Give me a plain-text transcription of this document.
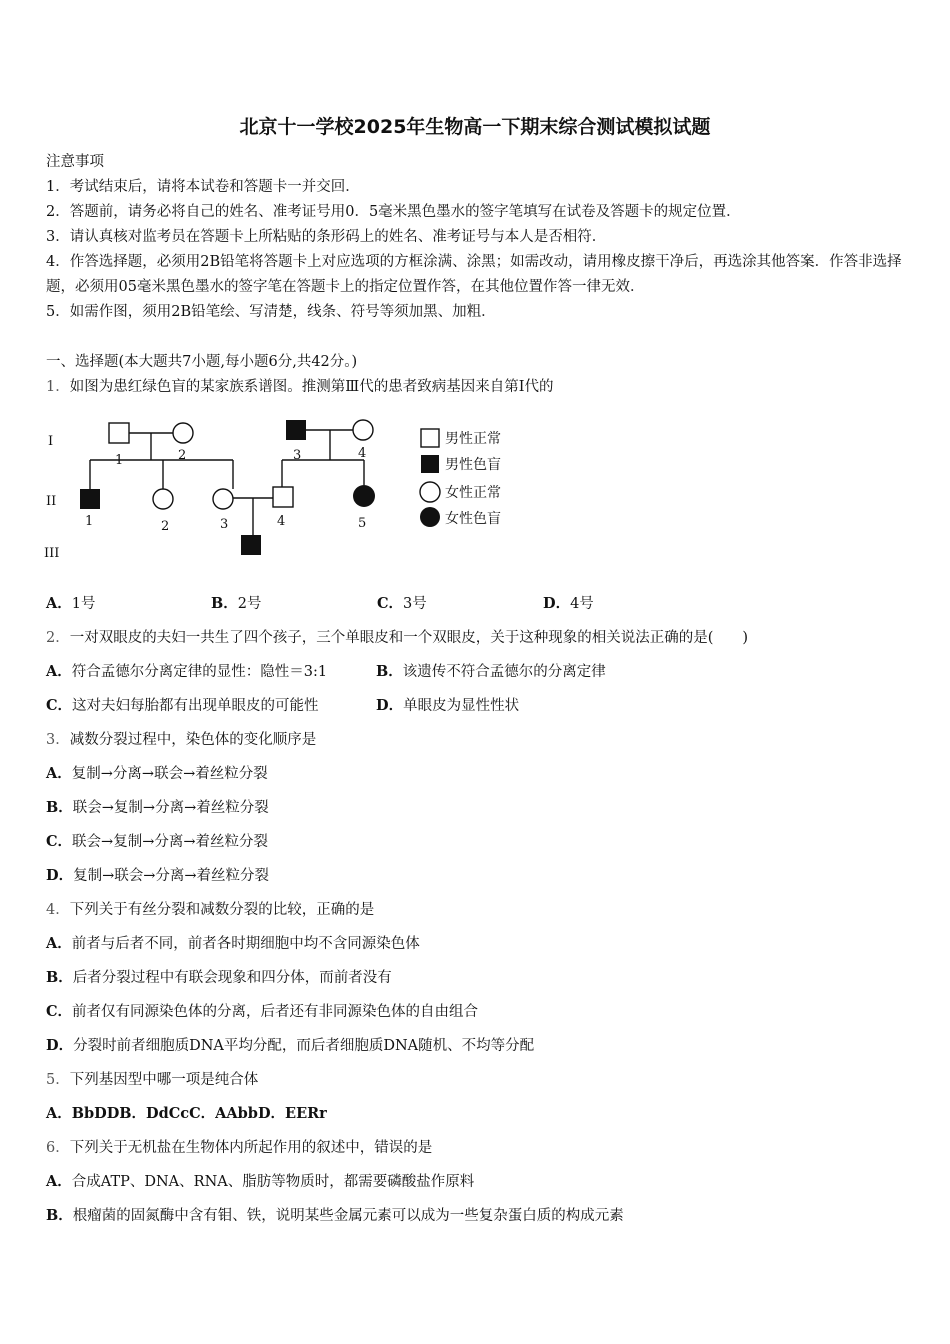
北京十一学校2025年生物高一下期末综合测试模拟试题
注意事项
1．考试结束后，请将本试卷和答题卡一并交回．
2．答题前，请务必将自己的姓名、准考证号用0．5毫米黑色墨水的签字笔填写在试卷及答题卡的规定位置．
3．请认真核对监考员在答题卡上所粘贴的条形码上的姓名、准考证号与本人是否相符．
4．作答选择题，必须用2B铅笔将答题卡上对应选项的方框涂满、涂黑；如需改动，请用橡皮擦干净后，再选涂其他答案．作答非选择题，必须用05毫米黑色墨水的签字笔在答题卡上的指定位置作答，在其他位置作答一律无效．
5．如需作图，须用2B铅笔绘、写清楚，线条、符号等须加黑、加粗．
一、选择题(本大题共7小题,每小题6分,共42分。)
1．如图为患红绿色盲的某家族系谱图。推测第Ⅲ代的患者致病基因来自第Ⅰ代的
I
II
III
1	2	3	4
1	2	3	4	5
男性正常
男性色盲
女性正常
女性色盲
A．1号	B．2号	C．3号	D．4号
2．一对双眼皮的夫妇一共生了四个孩子，三个单眼皮和一个双眼皮，关于这种现象的相关说法正确的是(　　)
A．符合孟德尔分离定律的显性：隐性＝3:1	B．该遗传不符合孟德尔的分离定律
C．这对夫妇每胎都有出现单眼皮的可能性	D．单眼皮为显性性状
3．减数分裂过程中，染色体的变化顺序是
A．复制→分离→联会→着丝粒分裂
B．联会→复制→分离→着丝粒分裂
C．联会→复制→分离→着丝粒分裂
D．复制→联会→分离→着丝粒分裂
4．下列关于有丝分裂和减数分裂的比较，正确的是
A．前者与后者不同，前者各时期细胞中均不含同源染色体
B．后者分裂过程中有联会现象和四分体，而前者没有
C．前者仅有同源染色体的分离，后者还有非同源染色体的自由组合
D．分裂时前者细胞质DNA平均分配，而后者细胞质DNA随机、不均等分配
5．下列基因型中哪一项是纯合体
A．BbDDB．DdCcC．AAbbD．EERr
6．下列关于无机盐在生物体内所起作用的叙述中，错误的是
A．合成ATP、DNA、RNA、脂肪等物质时，都需要磷酸盐作原料
B．根瘤菌的固氮酶中含有钼、铁，说明某些金属元素可以成为一些复杂蛋白质的构成元素
